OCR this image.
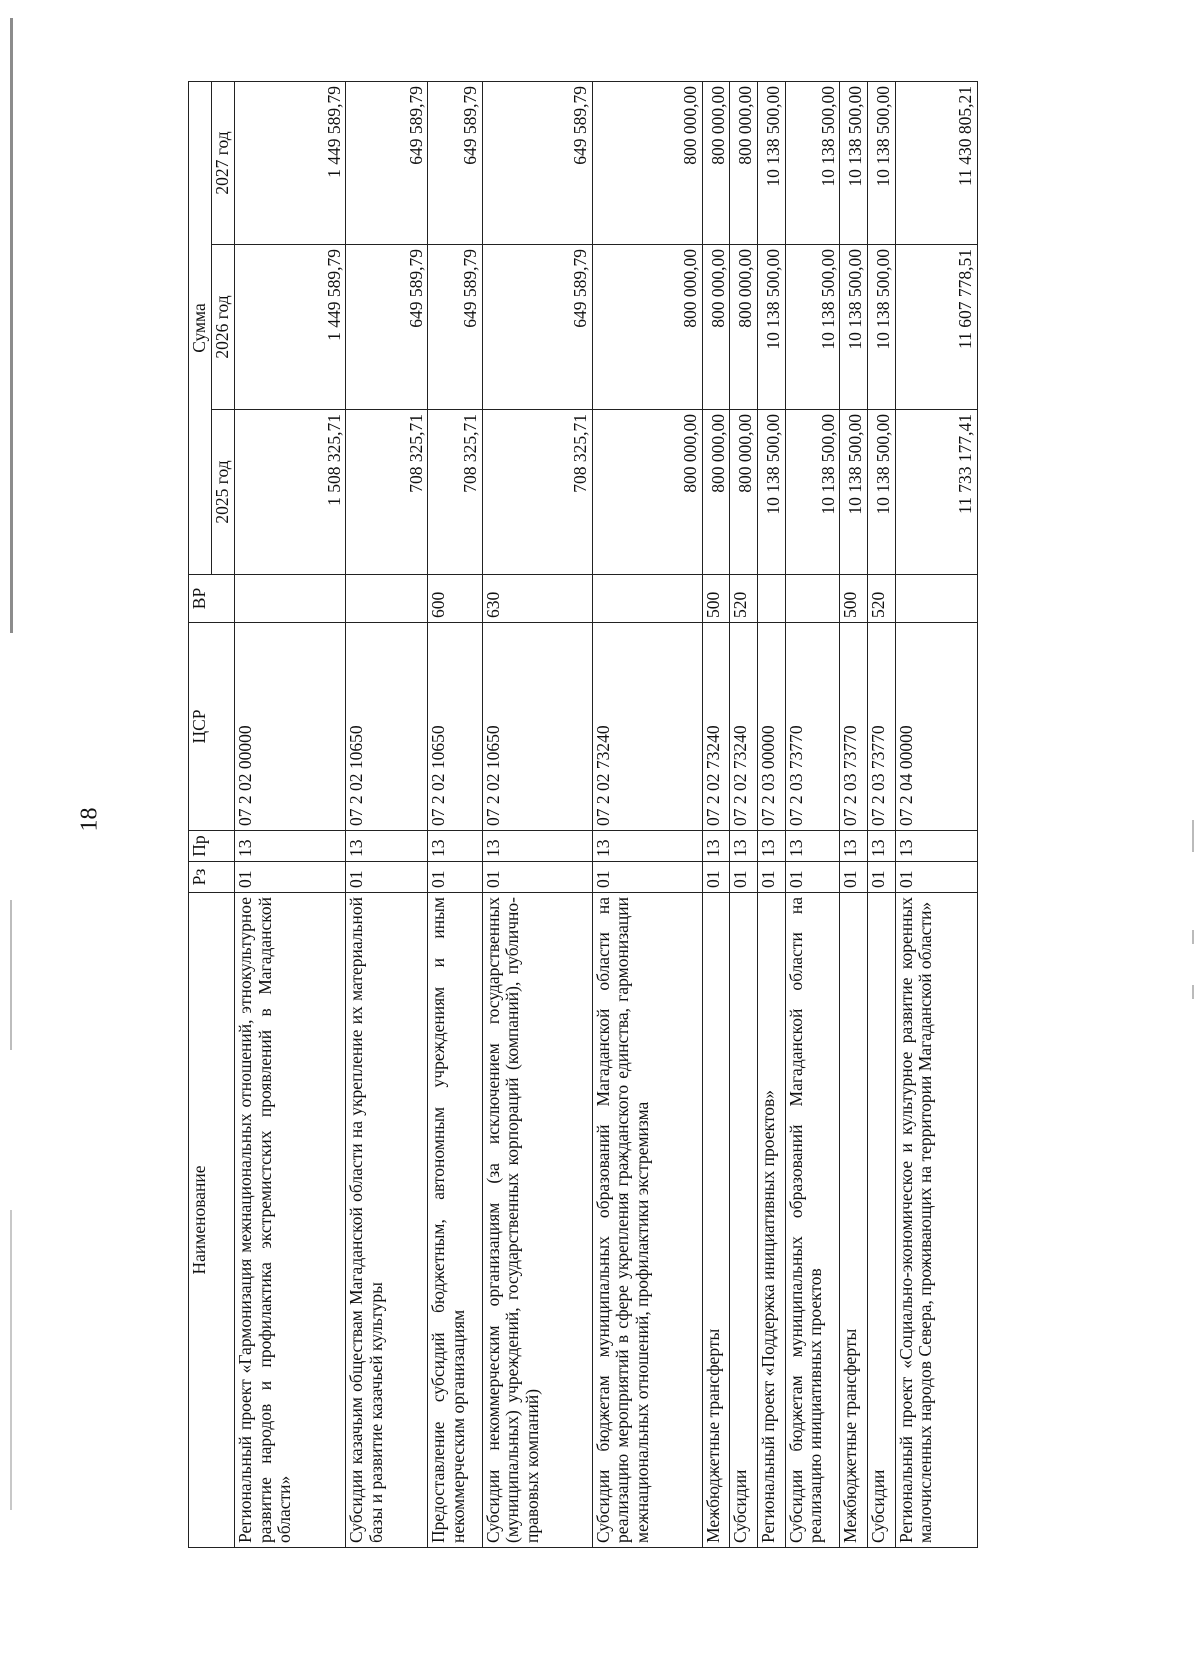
18
Наименование	Рз	Пр	ЦСР	ВР	Сумма		
					2025 год	2026 год	2027 год
Региональный проект «Гармонизация межнациональных отношений, этнокультурное развитие народов и профилактика экстремистских проявлений в Магаданской области»	01	13	07 2 02 00000		1 508 325,71	1 449 589,79	1 449 589,79
Субсидии казачьим обществам Магаданской области на укрепление их материальной базы и развитие казачьей культуры	01	13	07 2 02 10650		708 325,71	649 589,79	649 589,79
Предоставление субсидий бюджетным, автономным учреждениям и иным некоммерческим организациям	01	13	07 2 02 10650	600	708 325,71	649 589,79	649 589,79
Субсидии некоммерческим организациям (за исключением государственных (муниципальных) учреждений, государственных корпораций (компаний), публично-правовых компаний)	01	13	07 2 02 10650	630	708 325,71	649 589,79	649 589,79
Субсидии бюджетам муниципальных образований Магаданской области на реализацию мероприятий в сфере укрепления гражданского единства, гармонизации межнациональных отношений, профилактики экстремизма	01	13	07 2 02 73240		800 000,00	800 000,00	800 000,00
Межбюджетные трансферты	01	13	07 2 02 73240	500	800 000,00	800 000,00	800 000,00
Субсидии	01	13	07 2 02 73240	520	800 000,00	800 000,00	800 000,00
Региональный проект «Поддержка инициативных проектов»	01	13	07 2 03 00000		10 138 500,00	10 138 500,00	10 138 500,00
Субсидии бюджетам муниципальных образований Магаданской области на реализацию инициативных проектов	01	13	07 2 03 73770		10 138 500,00	10 138 500,00	10 138 500,00
Межбюджетные трансферты	01	13	07 2 03 73770	500	10 138 500,00	10 138 500,00	10 138 500,00
Субсидии	01	13	07 2 03 73770	520	10 138 500,00	10 138 500,00	10 138 500,00
Региональный проект «Социально-экономическое и культурное развитие коренных малочисленных народов Севера, проживающих на территории Магаданской области»	01	13	07 2 04 00000		11 733 177,41	11 607 778,51	11 430 805,21
